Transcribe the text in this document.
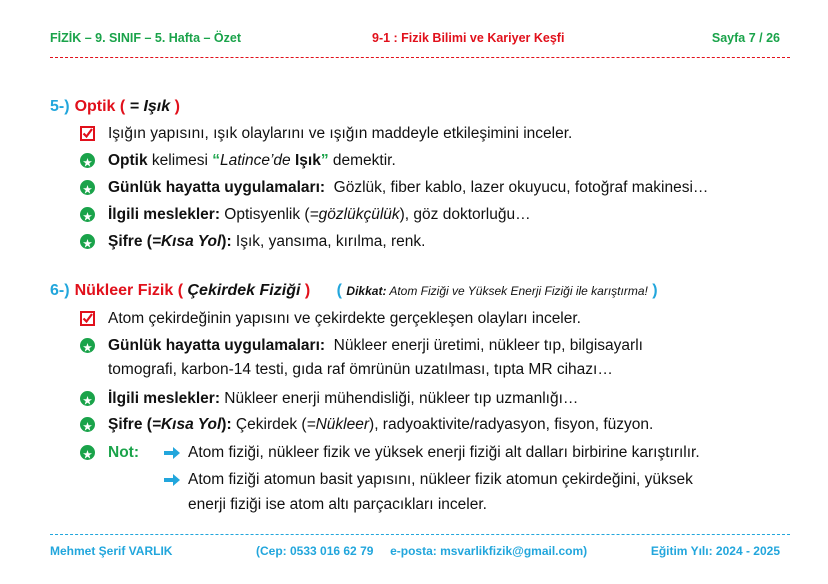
FİZİK – 9. SINIF – 5. Hafta – Özet	9-1 : Fizik Bilimi ve Kariyer Keşfi	Sayfa 7 / 26
5-) Optik ( = Işık )
Işığın yapısını, ışık olaylarını ve ışığın maddeyle etkileşimini inceler.
Optik kelimesi “Latince’de Işık” demektir.
Günlük hayatta uygulamaları:  Gözlük, fiber kablo, lazer okuyucu, fotoğraf makinesi…
İlgili meslekler: Optisyenlik (=gözlükçülük), göz doktorluğu…
Şifre (=Kısa Yol): Işık, yansıma, kırılma, renk.
6-) Nükleer Fizik ( Çekirdek Fiziği ) ( Dikkat: Atom Fiziği ve Yüksek Enerji Fiziği ile karıştırma! )
Atom çekirdeğinin yapısını ve çekirdekte gerçekleşen olayları inceler.
Günlük hayatta uygulamaları:  Nükleer enerji üretimi, nükleer tıp, bilgisayarlı
tomografi, karbon-14 testi, gıda raf ömrünün uzatılması, tıpta MR cihazı…
İlgili meslekler: Nükleer enerji mühendisliği, nükleer tıp uzmanlığı…
Şifre (=Kısa Yol): Çekirdek (=Nükleer), radyoaktivite/radyasyon, fisyon, füzyon.
Not:	Atom fiziği, nükleer fizik ve yüksek enerji fiziği alt dalları birbirine karıştırılır.
Atom fiziği atomun basit yapısını, nükleer fizik atomun çekirdeğini, yüksek
enerji fiziği ise atom altı parçacıkları inceler.
Mehmet Şerif VARLIK	(Cep: 0533 016 62 79     e-posta: msvarlikfizik@gmail.com)	Eğitim Yılı: 2024 - 2025
